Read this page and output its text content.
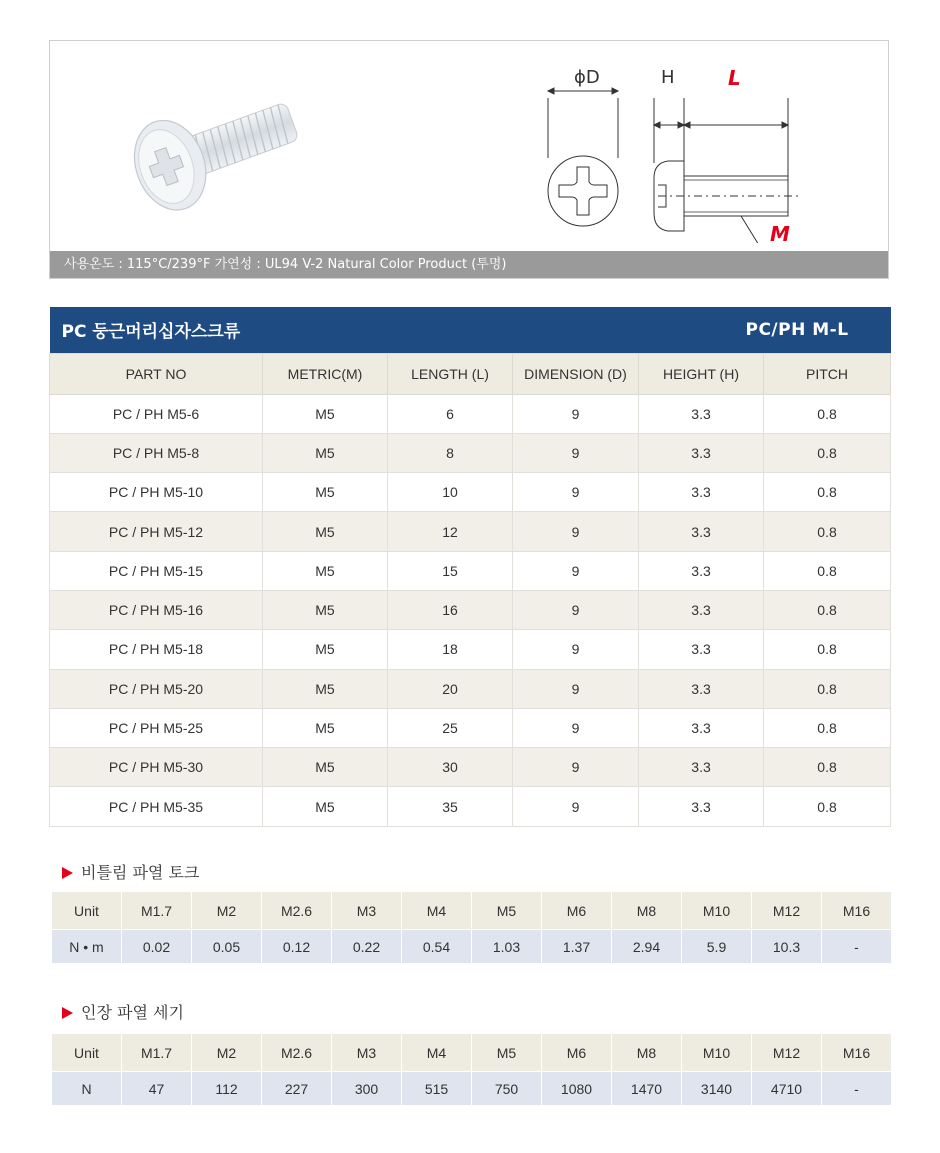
ϕD	H	L
M
사용온도 : 115°C/239°F 가연성 : UL94 V-2 Natural Color Product (투명)
PC 둥근머리십자스크류			PC/PH M-L		
PART NO	METRIC(M)	LENGTH (L)	DIMENSION (D)	HEIGHT (H)	PITCH
PC / PH M5-6	M5	6	9	3.3	0.8
PC / PH M5-8	M5	8	9	3.3	0.8
PC / PH M5-10	M5	10	9	3.3	0.8
PC / PH M5-12	M5	12	9	3.3	0.8
PC / PH M5-15	M5	15	9	3.3	0.8
PC / PH M5-16	M5	16	9	3.3	0.8
PC / PH M5-18	M5	18	9	3.3	0.8
PC / PH M5-20	M5	20	9	3.3	0.8
PC / PH M5-25	M5	25	9	3.3	0.8
PC / PH M5-30	M5	30	9	3.3	0.8
PC / PH M5-35	M5	35	9	3.3	0.8
비틀림 파열 토크
Unit	M1.7	M2	M2.6	M3	M4	M5	M6	M8	M10	M12	M16
N • m	0.02	0.05	0.12	0.22	0.54	1.03	1.37	2.94	5.9	10.3	-
인장 파열 세기
Unit	M1.7	M2	M2.6	M3	M4	M5	M6	M8	M10	M12	M16
N	47	112	227	300	515	750	1080	1470	3140	4710	-
